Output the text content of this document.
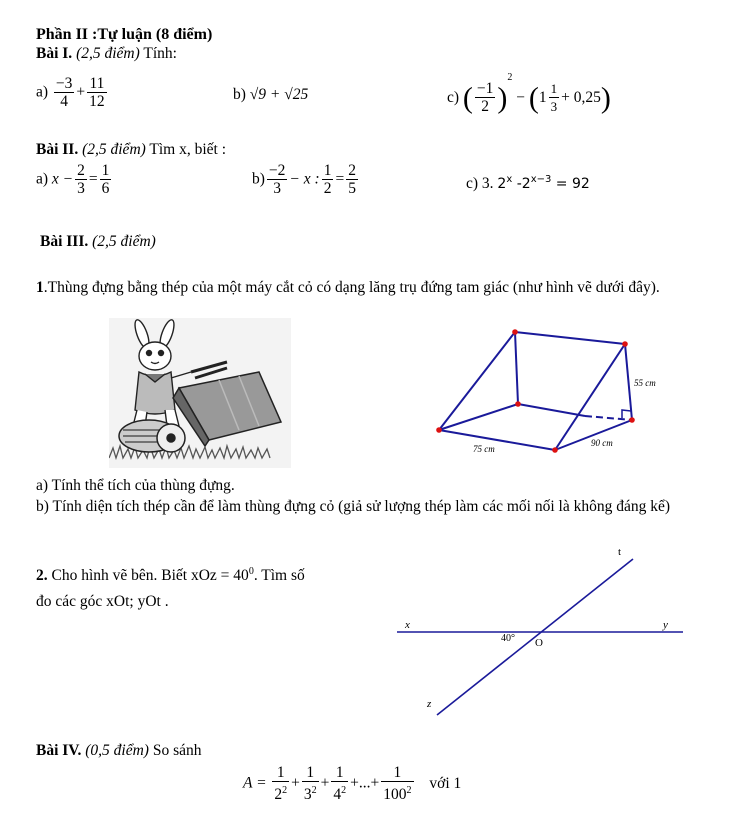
Phần II :Tự luận (8 điểm)
Bài I. (2,5 điểm) Tính:
$a) \frac{-3}{4} + \frac{11}{12}$	b) √9 + √25	c) ( $\frac{-1}{2} )^2 - (1 \frac{1}{3} + 0,25)$
Bài II. (2,5 điểm) Tìm x, biết :
a) $x - \frac{2}{3} = \frac{1}{6}$	$b) \frac{-2}{3} - x$ : $\frac{1}{2} = \frac{2}{5}$	c) 3. 2$^x$ $-2^{x-3} = 92$
Bài III. (2,5 điểm)
1.Thùng đựng bằng thép của một máy cắt cỏ có dạng lăng trụ đứng tam giác (như hình vẽ dưới đây).
55 cm
75 cm
90 cm
a) Tính thể tích của thùng đựng.
b) Tính diện tích thép cần để làm thùng đựng cỏ (giả sử lượng thép làm các mối nối là không đáng kể)
2. Cho hình vẽ bên. Biết xOz = $40^0$. Tìm số
đo các góc xOt; yOt .
t
x	y
z
O
40°
Bài IV. (0,5 điểm) So sánh
$A = \frac{1}{2^2} + \frac{1}{3^2} + \frac{1}{4^2}$ +...+ $\frac{1}{100^2}$ với 1
